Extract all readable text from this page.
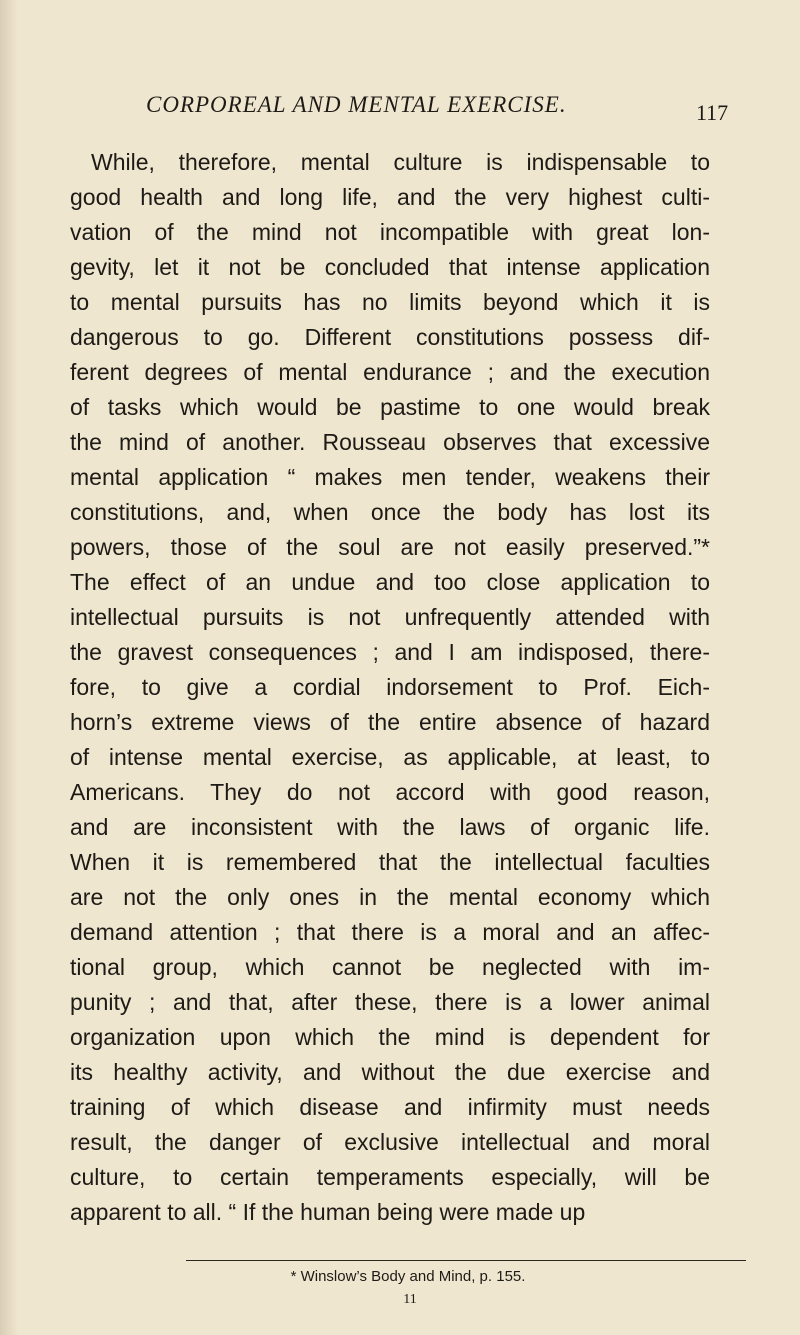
CORPOREAL AND MENTAL EXERCISE.	117
While, therefore, mental culture is indispensable to
good health and long life, and the very highest culti-
vation of the mind not incompatible with great lon-
gevity, let it not be concluded that intense application
to mental pursuits has no limits beyond which it is
dangerous to go. Different constitutions possess dif-
ferent degrees of mental endurance ; and the execution
of tasks which would be pastime to one would break
the mind of another. Rousseau observes that excessive
mental application “ makes men tender, weakens their
constitutions, and, when once the body has lost its
powers, those of the soul are not easily preserved.”*
The effect of an undue and too close application to
intellectual pursuits is not unfrequently attended with
the gravest consequences ; and I am indisposed, there-
fore, to give a cordial indorsement to Prof. Eich-
horn’s extreme views of the entire absence of hazard
of intense mental exercise, as applicable, at least, to
Americans. They do not accord with good reason,
and are inconsistent with the laws of organic life.
When it is remembered that the intellectual faculties
are not the only ones in the mental economy which
demand attention ; that there is a moral and an affec-
tional group, which cannot be neglected with im-
punity ; and that, after these, there is a lower animal
organization upon which the mind is dependent for
its healthy activity, and without the due exercise and
training of which disease and infirmity must needs
result, the danger of exclusive intellectual and moral
culture, to certain temperaments especially, will be
apparent to all. “ If the human being were made up
* Winslow’s Body and Mind, p. 155.
11
